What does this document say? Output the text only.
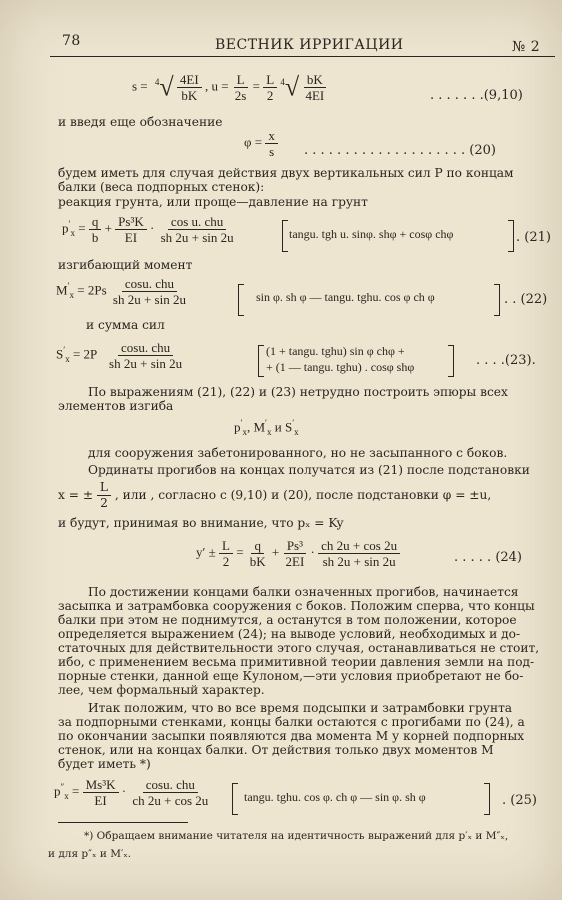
78	ВЕСТНИК ИРРИГАЦИИ	№ 2
$s = ^4√ \frac{4EI}{bK}$ , $u = \frac{L}{2s} = \frac{L}{2} ^4√ \frac{bK}{4EI}$	. . . . . . .(9,10)
и введя еще обозначение
$\varphi = \frac{x}{s}$ . . . . . . . . . . . . . . . . . . . . (20)
будем иметь для случая действия двух вертикальных сил P по концам
балки (веса подпорных стенок):
реакция грунта, или проще—давление на грунт
$p'_x = \frac{q}{b} + \frac{\text{Ps³K}}{EI} \cdot \frac{\text{cos u. chu}}{sh 2u + \sin 2u}$	tangu. tgh u. sinφ. shφ + cosφ chφ	. (21)
изгибающий момент
$M'_x = 2Ps \frac{\text{cosu. chu}}{sh 2u + \sin 2u}$	sin φ. sh φ — tangu. tghu. cos φ ch φ	. . (22)
и сумма сил
$S'_x = 2P \frac{\text{cosu. chu}}{sh 2u + \sin 2u}$	(1 + tangu. tghu) sin φ chφ +
+ (1 — tangu. tghu) . cosφ shφ	. . . .(23).
По выражениям (21), (22) и (23) нетрудно построить эпюры всех
элементов изгиба
$p'_x$, $M'_x$ и $S'_x$
для сооружения забетонированного, но не засыпанного с боков.
Ординаты прогибов на концах получатся из (21) после подстановки
x = ± $\frac{L}{2}$ , или , согласно с (9,10) и (20), после подстановки φ = ±u,
и будут, принимая во внимание, что pₓ = Ky
$y' \pm \frac{L}{2} = \frac{q}{bK} + \frac{\text{Ps³}}{2EI} \cdot \frac{ch 2u + \cos 2u}{sh 2u + \sin 2u}$	. . . . . (24)
По достижении концами балки означенных прогибов, начинается
засыпка и затрамбовка сооружения с боков. Положим сперва, что концы
балки при этом не поднимутся, а останутся в том положении, которое
определяется выражением (24); на выводе условий, необходимых и до-
статочных для действительности этого случая, останавливаться не стоит,
ибо, с применением весьма примитивной теории давления земли на под-
порные стенки, данной еще Кулоном,—эти условия приобретают не бо-
лее, чем формальный характер.
Итак положим, что во все время подсыпки и затрамбовки грунта
за подпорными стенками, концы балки остаются с прогибами по (24), а
по окончании засыпки появляются два момента M у корней подпорных
стенок, или на концах балки. От действия только двух моментов M
будет иметь *)
$p''_x = \frac{\text{Ms³K}}{EI} \cdot \frac{\text{cosu. chu}}{ch 2u + \cos 2u}$	tangu. tghu. cos φ. ch φ — sin φ. sh φ	. (25)
*) Обращаем внимание читателя на идентичность выражений для p′ₓ и M″ₓ,
и для p″ₓ и M′ₓ.
